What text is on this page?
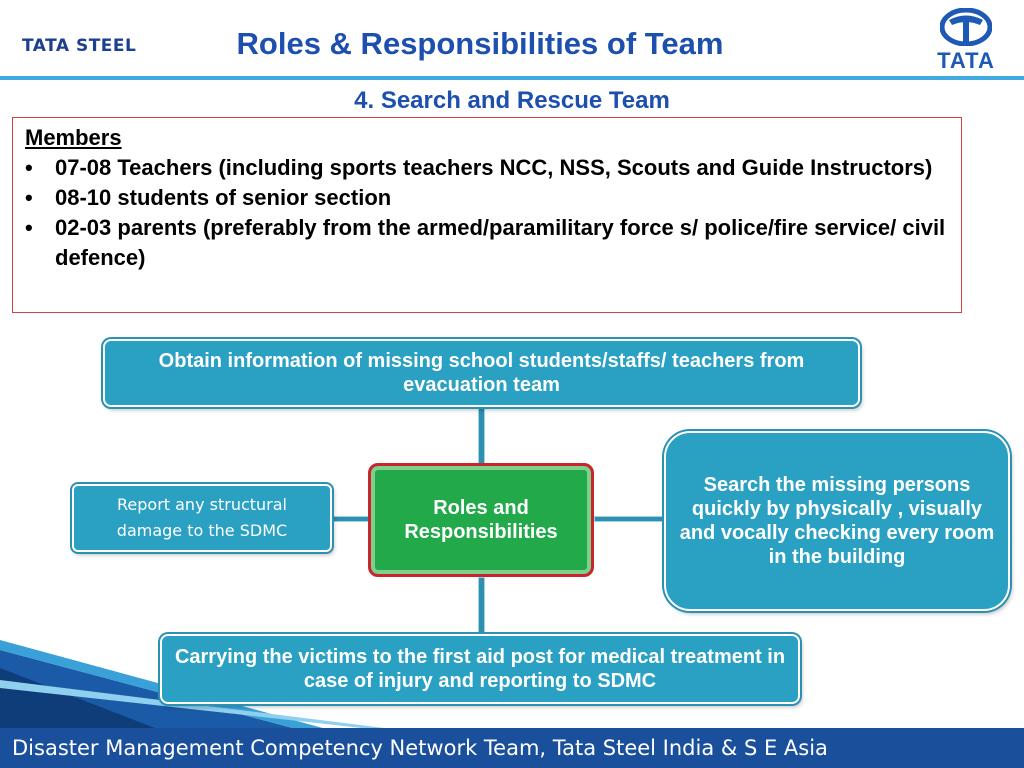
TATA STEEL	Roles & Responsibilities of Team	TATA
4. Search and Rescue Team
Members
• 07-08 Teachers (including sports teachers NCC, NSS, Scouts and Guide Instructors)
• 08-10 students of senior section
• 02-03 parents (preferably from the armed/paramilitary force s/ police/fire service/ civil defence)
Obtain information of missing school students/staffs/ teachers from evacuation team
Search the missing persons quickly by physically , visually and vocally checking every room in the building
Report any structural damage to the SDMC
Roles and Responsibilities
Carrying the victims to the first aid post for medical treatment in case of injury and reporting to SDMC
Disaster Management Competency Network Team, Tata Steel India & S E Asia
